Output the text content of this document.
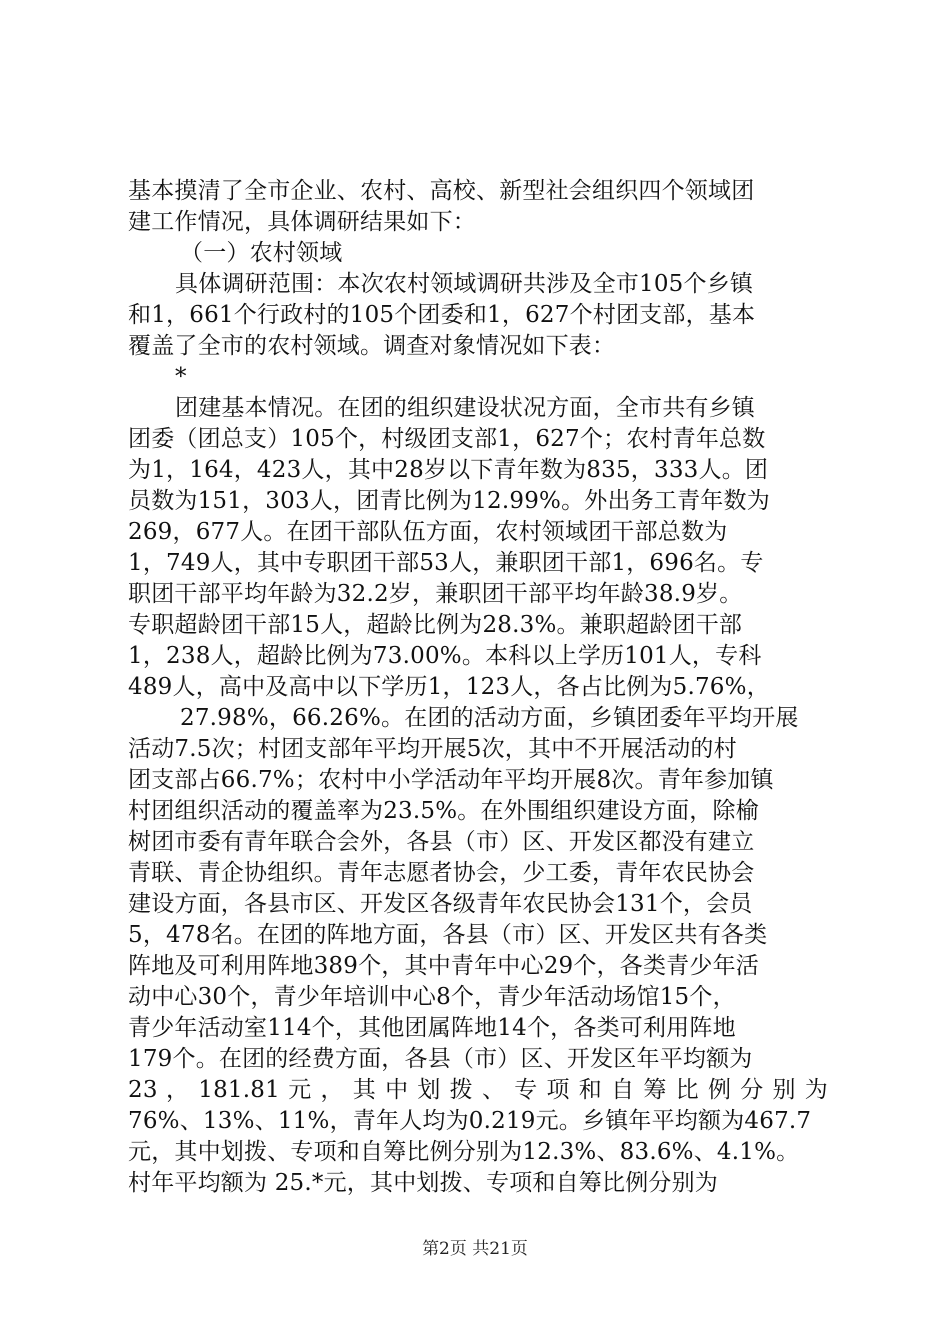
基本摸清了全市企业、农村、高校、新型社会组织四个领域团
建工作情况，具体调研结果如下：
（一）农村领域
具体调研范围：本次农村领域调研共涉及全市105个乡镇
和1，661个行政村的105个团委和1，627个村团支部，基本
覆盖了全市的农村领域。调查对象情况如下表：
*
团建基本情况。在团的组织建设状况方面，全市共有乡镇
团委（团总支）105个，村级团支部1，627个；农村青年总数
为1，164，423人，其中28岁以下青年数为835，333人。团
员数为151，303人，团青比例为12.99%。外出务工青年数为
269，677人。在团干部队伍方面，农村领域团干部总数为
1，749人，其中专职团干部53人，兼职团干部1，696名。专
职团干部平均年龄为32.2岁，兼职团干部平均年龄38.9岁。
专职超龄团干部15人，超龄比例为28.3%。兼职超龄团干部
1，238人，超龄比例为73.00%。本科以上学历101人，专科
489人，高中及高中以下学历1，123人，各占比例为5.76%，
27.98%，66.26%。在团的活动方面，乡镇团委年平均开展
活动7.5次；村团支部年平均开展5次，其中不开展活动的村
团支部占66.7%；农村中小学活动年平均开展8次。青年参加镇
村团组织活动的覆盖率为23.5%。在外围组织建设方面，除榆
树团市委有青年联合会外，各县（市）区、开发区都没有建立
青联、青企协组织。青年志愿者协会，少工委，青年农民协会
建设方面，各县市区、开发区各级青年农民协会131个，会员
5，478名。在团的阵地方面，各县（市）区、开发区共有各类
阵地及可利用阵地389个，其中青年中心29个，各类青少年活
动中心30个，青少年培训中心8个，青少年活动场馆15个，
青少年活动室114个，其他团属阵地14个，各类可利用阵地
179个。在团的经费方面，各县（市）区、开发区年平均额为
23 ， 181.81 元 ， 其 中 划 拨 、 专 项 和 自 筹 比 例 分 别 为
76%、13%、11%，青年人均为0.219元。乡镇年平均额为467.7
元，其中划拨、专项和自筹比例分别为12.3%、83.6%、4.1%。
村年平均额为 25.*元，其中划拨、专项和自筹比例分别为
第2页 共21页
